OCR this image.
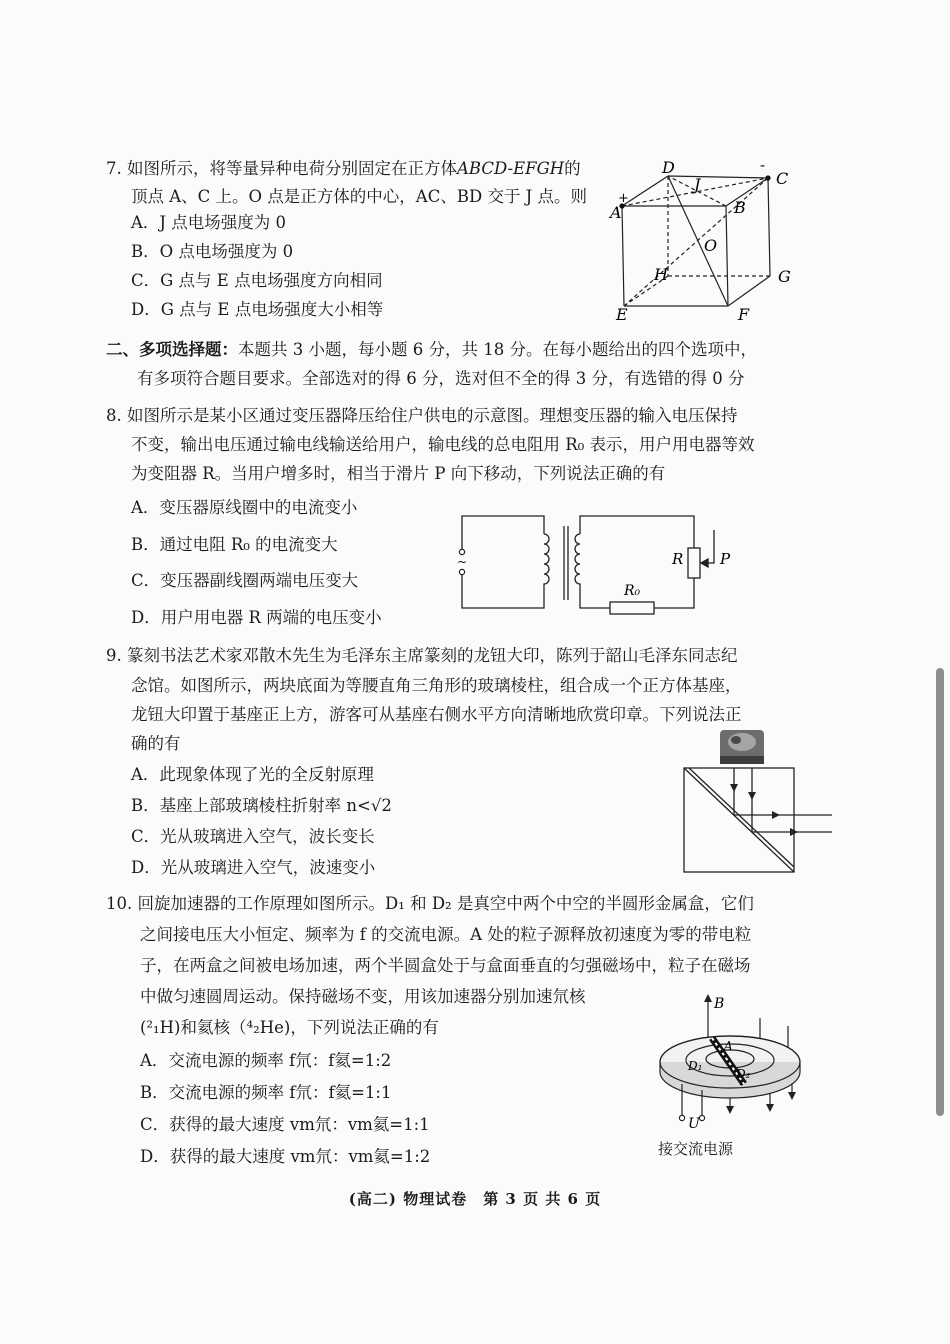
7. 如图所示，将等量异种电荷分别固定在正方体ABCD-EFGH的
顶点 A、C 上。O 点是正方体的中心，AC、BD 交于 J 点。则
A．J 点电场强度为 0
B．O 点电场强度为 0
C．G 点与 E 点电场强度方向相同
D．G 点与 E 点电场强度大小相等
D
C
A	B
J
O
H	G
E	F
+
-
二、多项选择题：本题共 3 小题，每小题 6 分，共 18 分。在每小题给出的四个选项中，
有多项符合题目要求。全部选对的得 6 分，选对但不全的得 3 分，有选错的得 0 分
8. 如图所示是某小区通过变压器降压给住户供电的示意图。理想变压器的输入电压保持
不变，输出电压通过输电线输送给用户，输电线的总电阻用 R₀ 表示，用户用电器等效
为变阻器 R。当用户增多时，相当于滑片 P 向下移动，下列说法正确的有
A．变压器原线圈中的电流变小
B．通过电阻 R₀ 的电流变大
C．变压器副线圈两端电压变大
D．用户用电器 R 两端的电压变小
~	R P
R₀
9. 篆刻书法艺术家邓散木先生为毛泽东主席篆刻的龙钮大印，陈列于韶山毛泽东同志纪
念馆。如图所示，两块底面为等腰直角三角形的玻璃棱柱，组合成一个正方体基座，
龙钮大印置于基座正上方，游客可从基座右侧水平方向清晰地欣赏印章。下列说法正
确的有
A．此现象体现了光的全反射原理
B．基座上部玻璃棱柱折射率 n<√2
C．光从玻璃进入空气，波长变长
D．光从玻璃进入空气，波速变小
10. 回旋加速器的工作原理如图所示。D₁ 和 D₂ 是真空中两个中空的半圆形金属盒，它们
之间接电压大小恒定、频率为 f 的交流电源。A 处的粒子源释放初速度为零的带电粒
子，在两盒之间被电场加速，两个半圆盒处于与盒面垂直的匀强磁场中，粒子在磁场
中做匀速圆周运动。保持磁场不变，用该加速器分别加速氘核
(²₁H)和氦核（⁴₂He)，下列说法正确的有
A．交流电源的频率 f氘：f氦=1:2
B．交流电源的频率 f氘：f氦=1:1
C．获得的最大速度 vm氘：vm氦=1:1
D．获得的最大速度 vm氘：vm氦=1:2
B
A
D₁
D₂
U
接交流电源
(高二) 物理试卷　第 3 页 共 6 页
